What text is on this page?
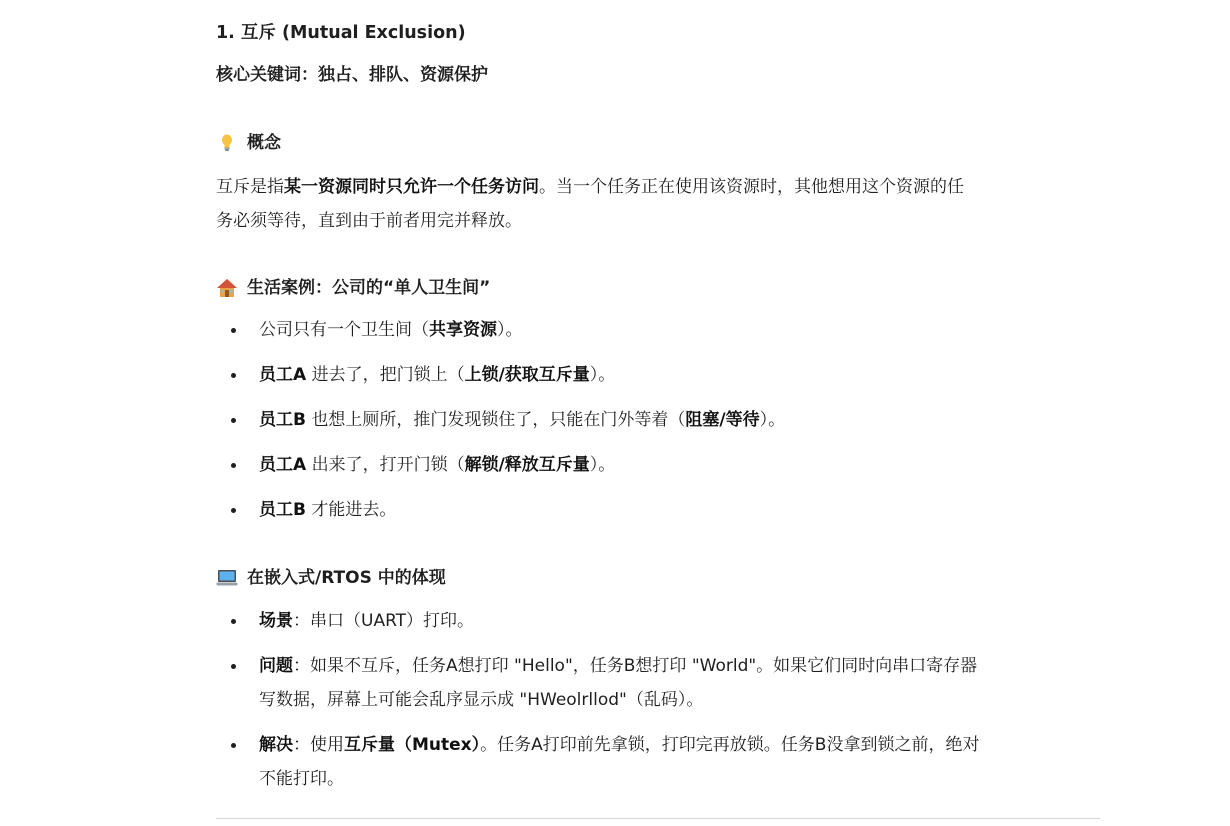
1. 互斥 (Mutual Exclusion)

核心关键词：独占、排队、资源保护

概念
互斥是指某一资源同时只允许一个任务访问。当一个任务正在使用该资源时，其他想用这个资源的任
务必须等待，直到由于前者用完并释放。
生活案例：公司的“单人卫生间”
公司只有一个卫生间（共享资源）。
员工A 进去了，把门锁上（上锁/获取互斥量）。
员工B 也想上厕所，推门发现锁住了，只能在门外等着（阻塞/等待）。
员工A 出来了，打开门锁（解锁/释放互斥量）。
员工B 才能进去。
在嵌入式/RTOS 中的体现
场景：串口（UART）打印。
问题：如果不互斥，任务A想打印 "Hello"，任务B想打印 "World"。如果它们同时向串口寄存器
写数据，屏幕上可能会乱序显示成 "HWeolrllod"（乱码）。
解决：使用互斥量（Mutex）。任务A打印前先拿锁，打印完再放锁。任务B没拿到锁之前，绝对
不能打印。
